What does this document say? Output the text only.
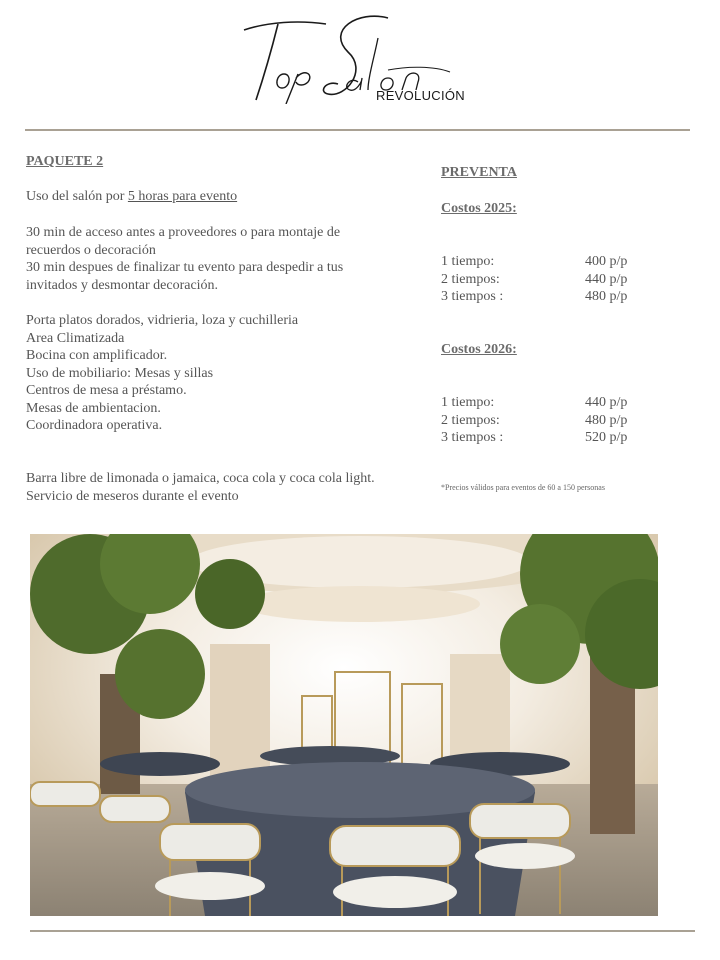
REVOLUCIÓN
PAQUETE 2
Uso del salón por 5 horas para evento
30 min de acceso antes a proveedores o para montaje de
recuerdos o decoración
30 min despues de finalizar tu evento para despedir a tus
invitados y desmontar decoración.
Porta platos dorados, vidrieria, loza y cuchilleria
Area Climatizada
Bocina con amplificador.
Uso de mobiliario: Mesas y sillas
Centros de mesa a préstamo.
Mesas de ambientacion.
Coordinadora operativa.
Barra libre de limonada o jamaica, coca cola y coca cola light.
Servicio de meseros durante el evento
PREVENTA
Costos 2025:
1 tiempo:	400 p/p
2 tiempos:	440 p/p
3 tiempos :	480 p/p
Costos 2026:
1 tiempo:	440 p/p
2 tiempos:	480 p/p
3 tiempos :	520 p/p
*Precios válidos para eventos de 60 a 150 personas
